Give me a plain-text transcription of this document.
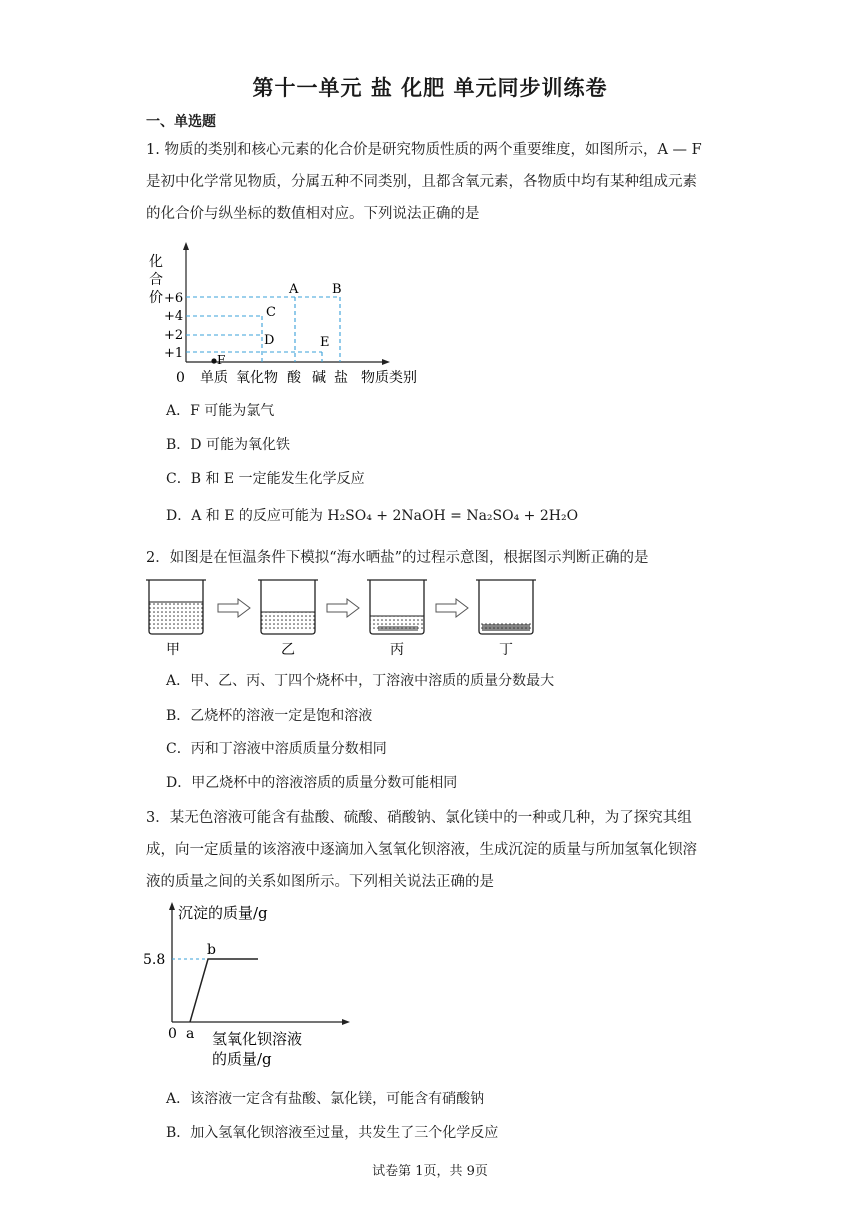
第十一单元 盐 化肥 单元同步训练卷
一、单选题
1. 物质的类别和核心元素的化合价是研究物质性质的两个重要维度，如图所示，A — F
是初中化学常见物质，分属五种不同类别，且都含氧元素，各物质中均有某种组成元素
的化合价与纵坐标的数值相对应。下列说法正确的是
化
合
价 +6
+4
+2
+1
A	B
C
D	E
F
0 单质 氧化物 酸 碱 盐 物质类别
A．F 可能为氯气
B．D 可能为氧化铁
C．B 和 E 一定能发生化学反应
D．A 和 E 的反应可能为 H₂SO₄ + 2NaOH = Na₂SO₄ + 2H₂O
2．如图是在恒温条件下模拟“海水晒盐”的过程示意图，根据图示判断正确的是
甲	乙	丙	丁
A．甲、乙、丙、丁四个烧杯中，丁溶液中溶质的质量分数最大
B．乙烧杯的溶液一定是饱和溶液
C．丙和丁溶液中溶质质量分数相同
D．甲乙烧杯中的溶液溶质的质量分数可能相同
3．某无色溶液可能含有盐酸、硫酸、硝酸钠、氯化镁中的一种或几种，为了探究其组
成，向一定质量的该溶液中逐滴加入氢氧化钡溶液，生成沉淀的质量与所加氢氧化钡溶
液的质量之间的关系如图所示。下列相关说法正确的是
沉淀的质量/g
5.8
0 a
b
氢氧化钡溶液
的质量/g
A．该溶液一定含有盐酸、氯化镁，可能含有硝酸钠
B．加入氢氧化钡溶液至过量，共发生了三个化学反应
试卷第 1页，共 9页
